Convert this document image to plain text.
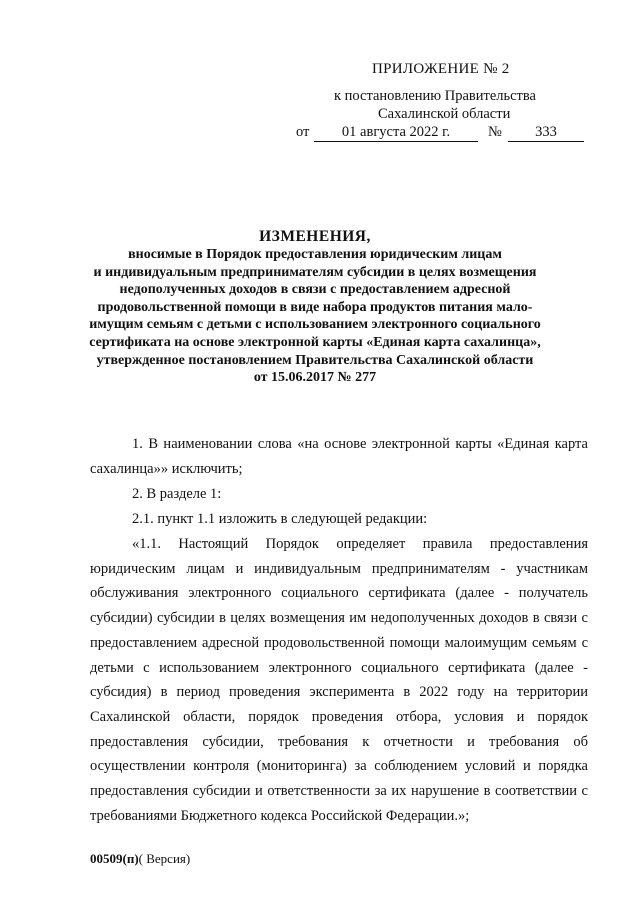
ПРИЛОЖЕНИЕ № 2
к постановлению Правительства
Сахалинской области
от	01 августа 2022 г.	№	333
ИЗМЕНЕНИЯ,
вносимые в Порядок предоставления юридическим лицам
и индивидуальным предпринимателям субсидии в целях возмещения
недополученных доходов в связи с предоставлением адресной
продовольственной помощи в виде набора продуктов питания мало-
имущим семьям с детьми с использованием электронного социального
сертификата на основе электронной карты «Единая карта сахалинца»,
утвержденное постановлением Правительства Сахалинской области
от 15.06.2017 № 277

1. В наименовании слова «на основе электронной карты «Единая карта сахалинца»» исключить;

2. В разделе 1:

2.1. пункт 1.1 изложить в следующей редакции:

«1.1. Настоящий Порядок определяет правила предоставления юридическим лицам и индивидуальным предпринимателям - участникам обслуживания электронного социального сертификата (далее - получатель субсидии) субсидии в целях возмещения им недополученных доходов в связи с предоставлением адресной продовольственной помощи малоимущим семьям с детьми с использованием электронного социального сертификата (далее - субсидия) в период проведения эксперимента в 2022 году на территории Сахалинской области, порядок проведения отбора, условия и порядок предоставления субсидии, требования к отчетности и требования об осуществлении контроля (мониторинга) за соблюдением условий и порядка предоставления субсидии и ответственности за их нарушение в соответствии с требованиями Бюджетного кодекса Российской Федерации.»;

00509(п)( Версия)
